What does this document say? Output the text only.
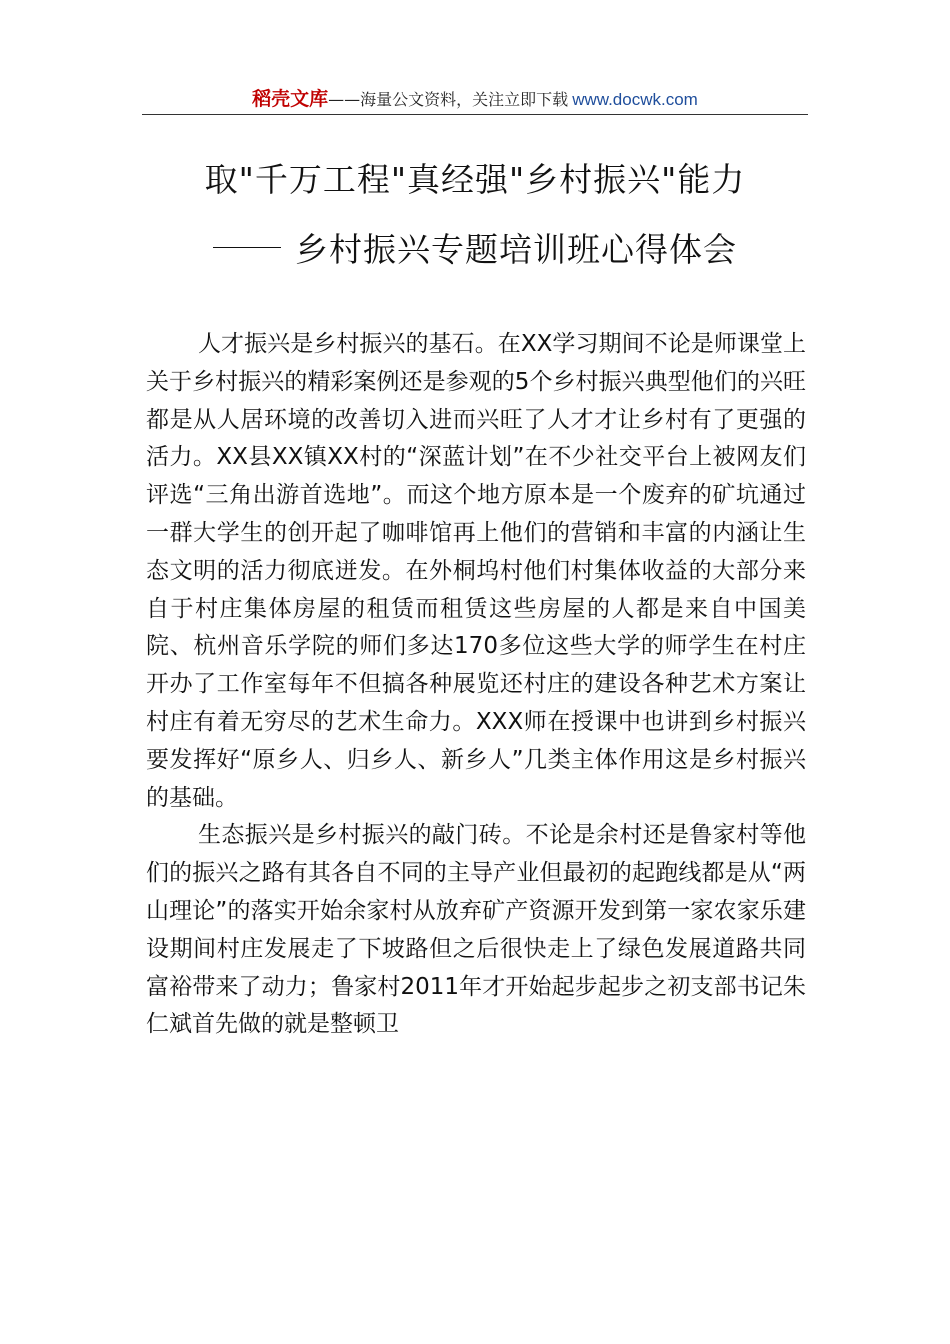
稻壳文库——海量公文资料，关注立即下载 www.docwk.com
取"千万工程"真经强"乡村振兴"能力
乡村振兴专题培训班心得体会

人才振兴是乡村振兴的基石。在XX学习期间不论是师课堂上关于乡村振兴的精彩案例还是参观的5个乡村振兴典型他们的兴旺都是从人居环境的改善切入进而兴旺了人才才让乡村有了更强的活力。XX县XX镇XX村的“深蓝计划”在不少社交平台上被网友们评选“三角出游首选地”。而这个地方原本是一个废弃的矿坑通过一群大学生的创开起了咖啡馆再上他们的营销和丰富的内涵让生态文明的活力彻底迸发。在外桐坞村他们村集体收益的大部分来自于村庄集体房屋的租赁而租赁这些房屋的人都是来自中国美院、杭州音乐学院的师们多达170多位这些大学的师学生在村庄开办了工作室每年不但搞各种展览还村庄的建设各种艺术方案让村庄有着无穷尽的艺术生命力。XXX师在授课中也讲到乡村振兴要发挥好“原乡人、归乡人、新乡人”几类主体作用这是乡村振兴的基础。

生态振兴是乡村振兴的敲门砖。不论是余村还是鲁家村等他们的振兴之路有其各自不同的主导产业但最初的起跑线都是从“两山理论”的落实开始余家村从放弃矿产资源开发到第一家农家乐建设期间村庄发展走了下坡路但之后很快走上了绿色发展道路共同富裕带来了动力；鲁家村2011年才开始起步起步之初支部书记朱仁斌首先做的就是整顿卫
